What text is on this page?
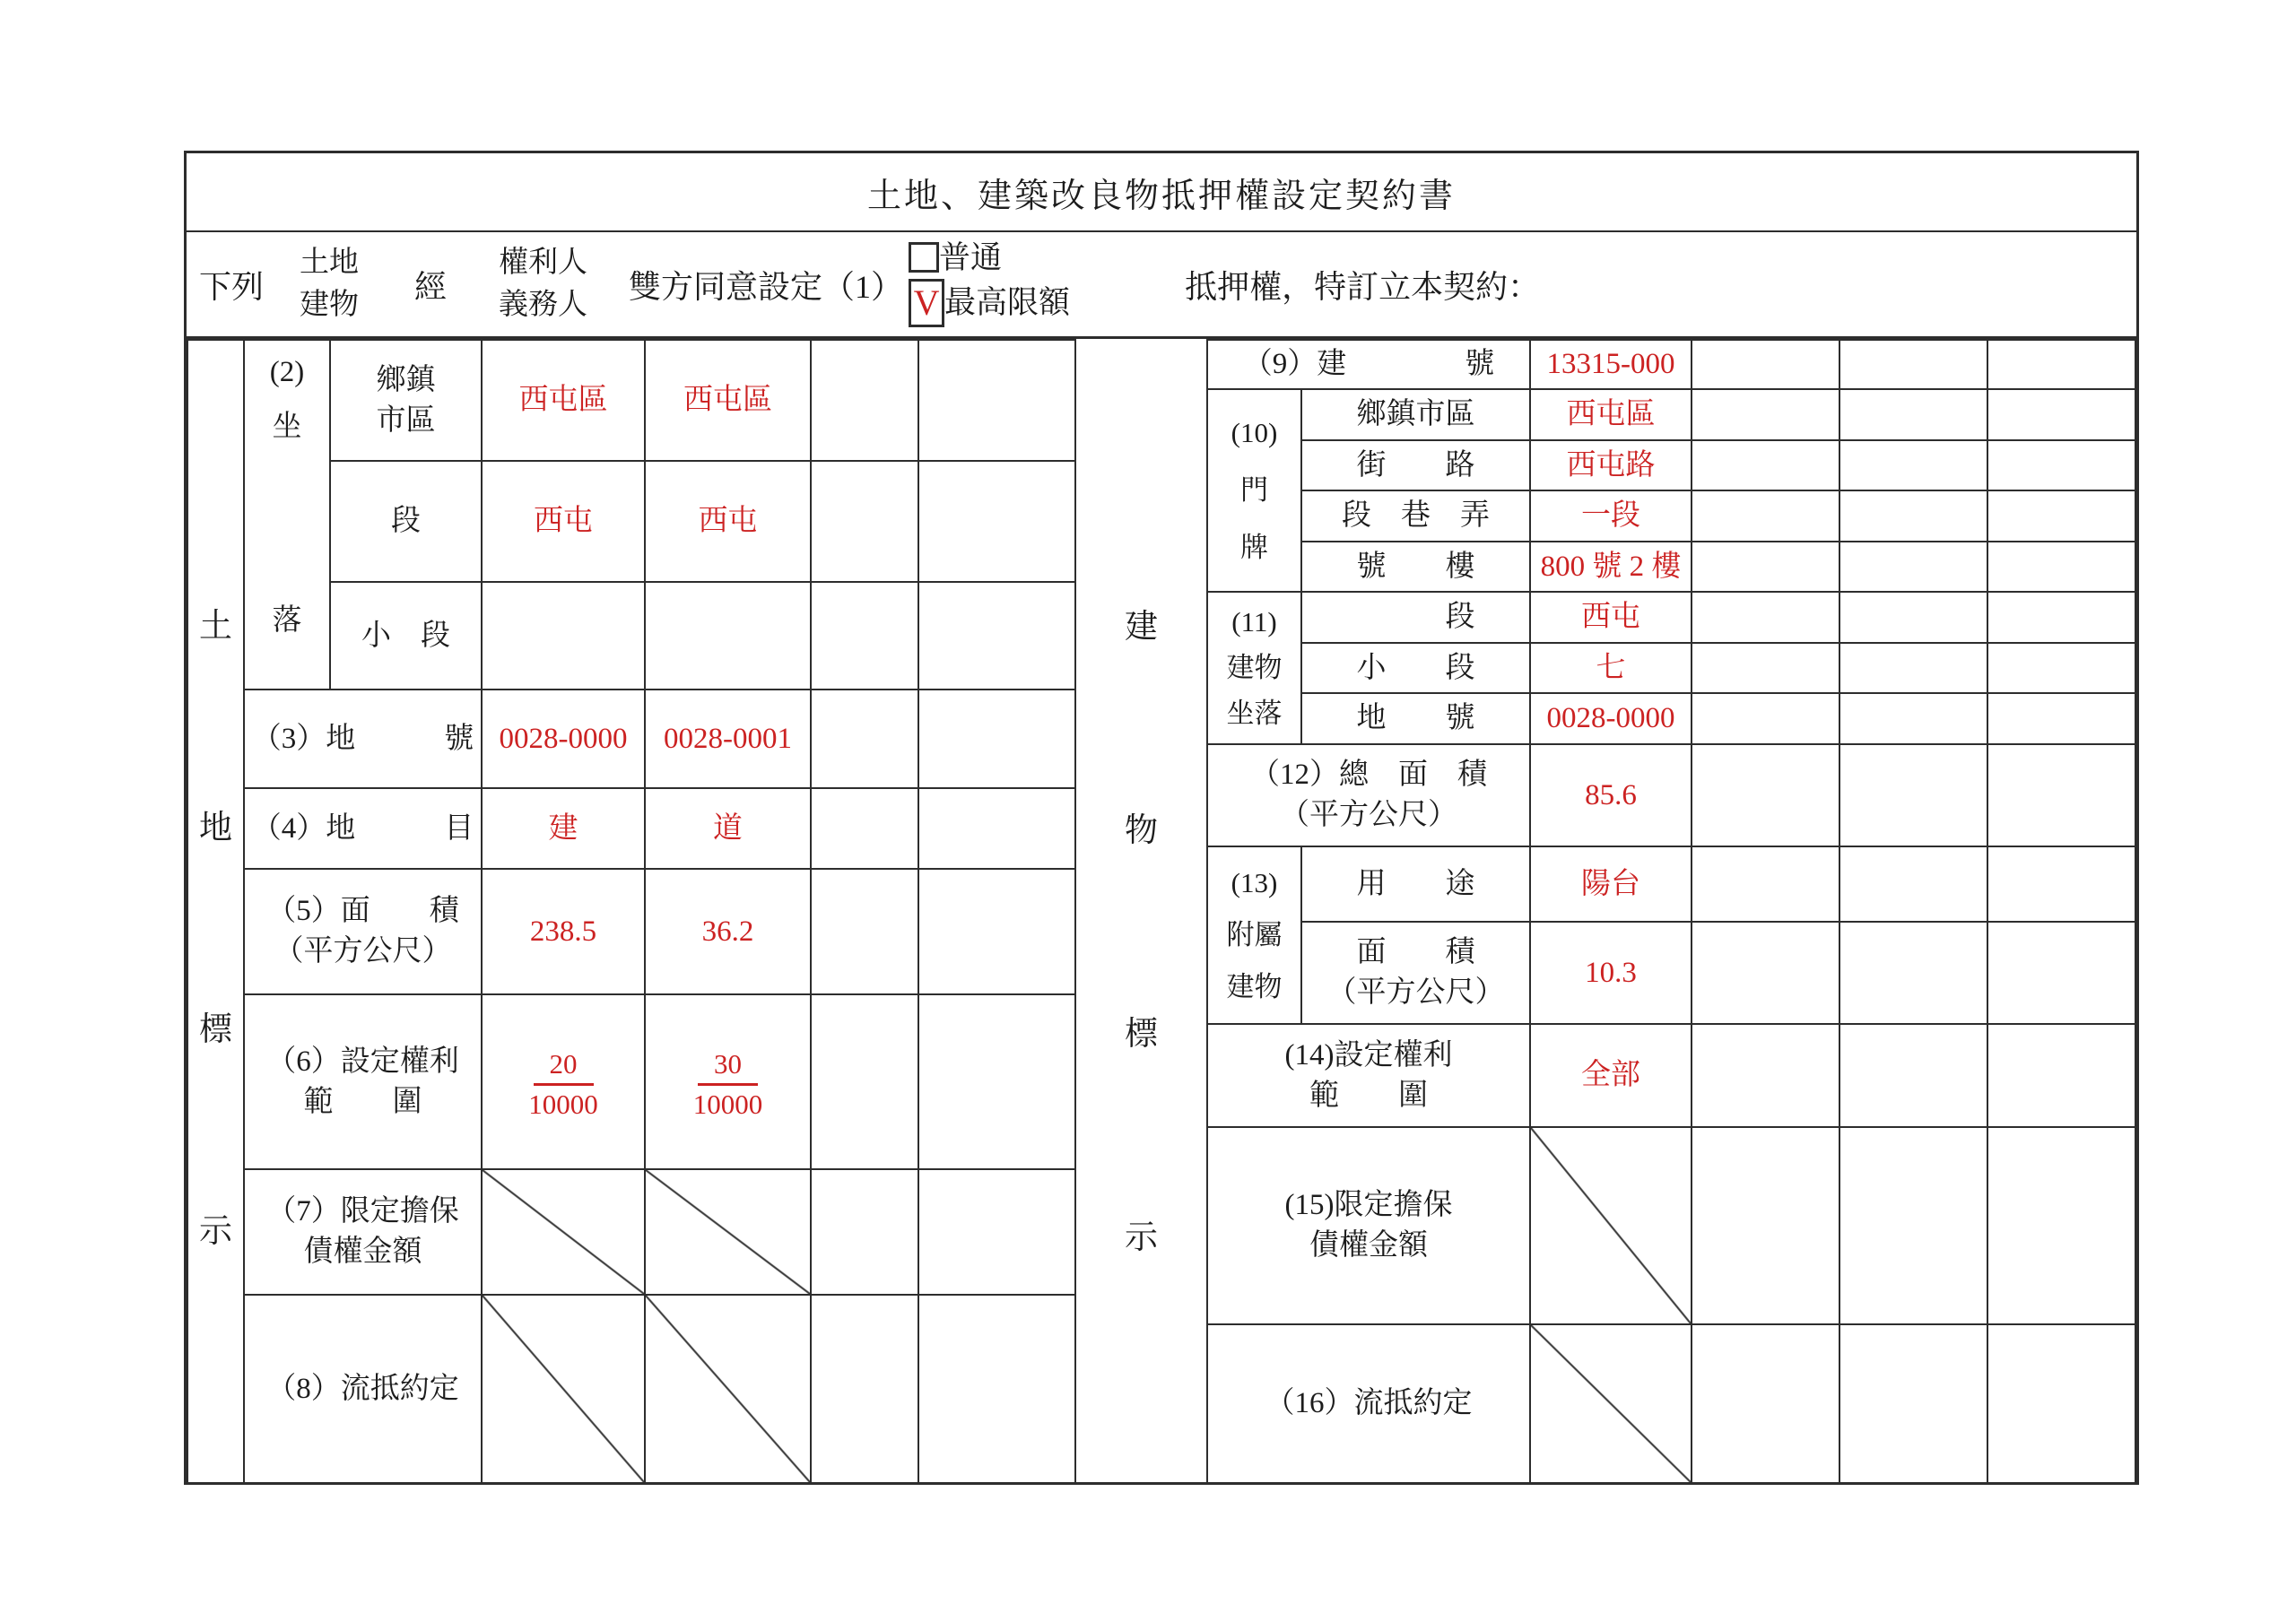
土地、建築改良物抵押權設定契約書
下列
土地
建物
經
權利人
義務人
雙方同意設定（1）
普通
V 最高限額	抵押權，特訂立本契約：
土
地
標
示	(2)
坐
落	鄉鎮
市區	西屯區	西屯區		
		段	西屯	西屯		
		小　段				
	（3）地　　　號		0028-0000	0028-0001		
	（4）地　　　目		建	道		
	（5）面　　積
（平方公尺）		238.5	36.2		
	（6）設定權利
範　　圍		$\frac{20}{10000}$	$\frac{30}{10000}$

	（7）限定擔保
債權金額					

	（8）流抵約定					
建
物
標
示
（9）建　　　　號		13315-000			

(10)
門
牌	鄉鎮市區	西屯區			
	街　　路	西屯路			
	段　巷　弄	一段			
	號　　樓	800 號 2 樓			

(11)
建物
坐落	　　　段	西屯			
	小　　段	七			
	地　　號	0028-0000			
（12）總　面　積
（平方公尺）		85.6			

(13)
附屬
建物	用　　途	陽台			
	面　　積
（平方公尺）	10.3			
(14)設定權利
範　　圍		全部			
(15)限定擔保
債權金額					

（16）流抵約定					
